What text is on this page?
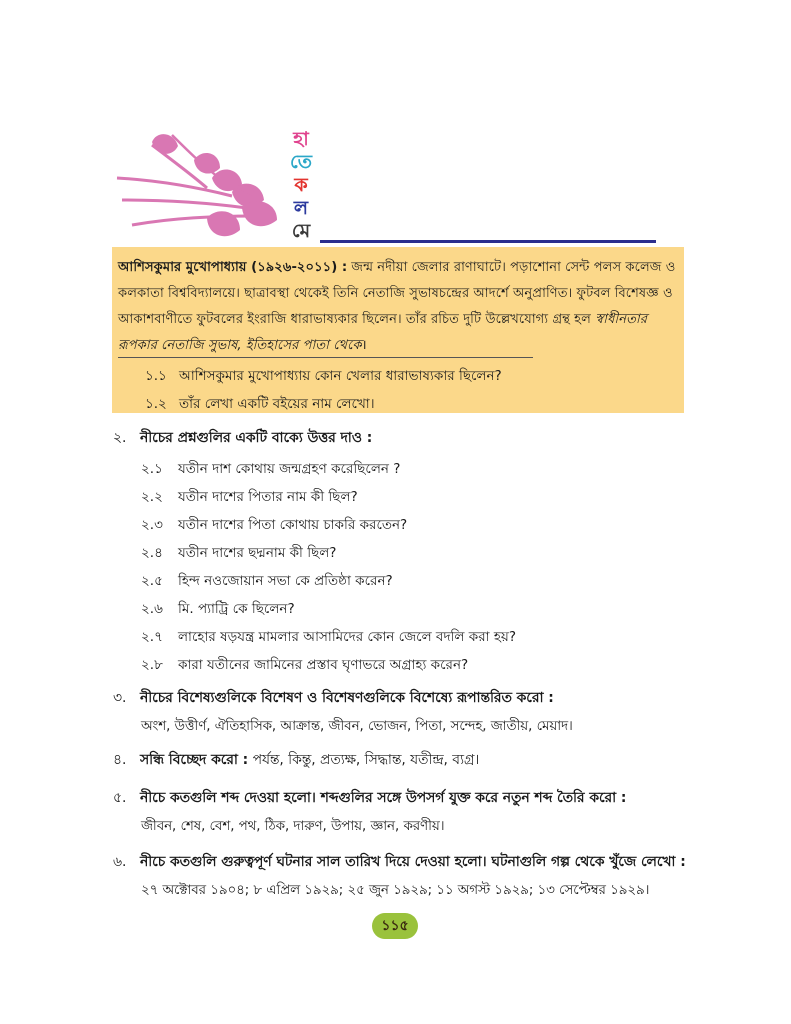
হা
তে
ক
ল
মে
আশিসকুমার মুখোপাধ্যায় (১৯২৬-২০১১) : জন্ম নদীয়া জেলার রাণাঘাটে। পড়াশোনা সেন্ট পলস কলেজ ও কলকাতা বিশ্ববিদ্যালয়ে। ছাত্রাবস্থা থেকেই তিনি নেতাজি সুভাষচন্দ্রের আদর্শে অনুপ্রাণিত। ফুটবল বিশেষজ্ঞ ও আকাশবাণীতে ফুটবলের ইংরাজি ধারাভাষ্যকার ছিলেন। তাঁর রচিত দুটি উল্লেখযোগ্য গ্রন্থ হল স্বাধীনতার রূপকার নেতাজি সুভাষ, ইতিহাসের পাতা থেকে।
১.১ আশিসকুমার মুখোপাধ্যায় কোন খেলার ধারাভাষ্যকার ছিলেন?
১.২ তাঁর লেখা একটি বইয়ের নাম লেখো।
২. নীচের প্রশ্নগুলির একটি বাক্যে উত্তর দাও :
২.১ যতীন দাশ কোথায় জন্মগ্রহণ করেছিলেন ?
২.২ যতীন দাশের পিতার নাম কী ছিল?
২.৩ যতীন দাশের পিতা কোথায় চাকরি করতেন?
২.৪ যতীন দাশের ছদ্মনাম কী ছিল?
২.৫ হিন্দ নওজোয়ান সভা কে প্রতিষ্ঠা করেন?
২.৬ মি. প্যাট্রি কে ছিলেন?
২.৭ লাহোর ষড়যন্ত্র মামলার আসামিদের কোন জেলে বদলি করা হয়?
২.৮ কারা যতীনের জামিনের প্রস্তাব ঘৃণাভরে অগ্রাহ্য করেন?
৩. নীচের বিশেষ্যগুলিকে বিশেষণ ও বিশেষণগুলিকে বিশেষ্যে রূপান্তরিত করো :
অংশ, উত্তীর্ণ, ঐতিহাসিক, আক্রান্ত, জীবন, ভোজন, পিতা, সন্দেহ, জাতীয়, মেয়াদ।
৪. সন্ধি বিচ্ছেদ করো : পর্যন্ত, কিন্তু, প্রত্যক্ষ, সিদ্ধান্ত, যতীন্দ্র, ব্যগ্র।
৫. নীচে কতগুলি শব্দ দেওয়া হলো। শব্দগুলির সঙ্গে উপসর্গ যুক্ত করে নতুন শব্দ তৈরি করো :
জীবন, শেষ, বেশ, পথ, ঠিক, দারুণ, উপায়, জ্ঞান, করণীয়।
৬. নীচে কতগুলি গুরুত্বপূর্ণ ঘটনার সাল তারিখ দিয়ে দেওয়া হলো। ঘটনাগুলি গল্প থেকে খুঁজে লেখো :
২৭ অক্টোবর ১৯০৪; ৮ এপ্রিল ১৯২৯; ২৫ জুন ১৯২৯; ১১ অগস্ট ১৯২৯; ১৩ সেপ্টেম্বর ১৯২৯।
১১৫
